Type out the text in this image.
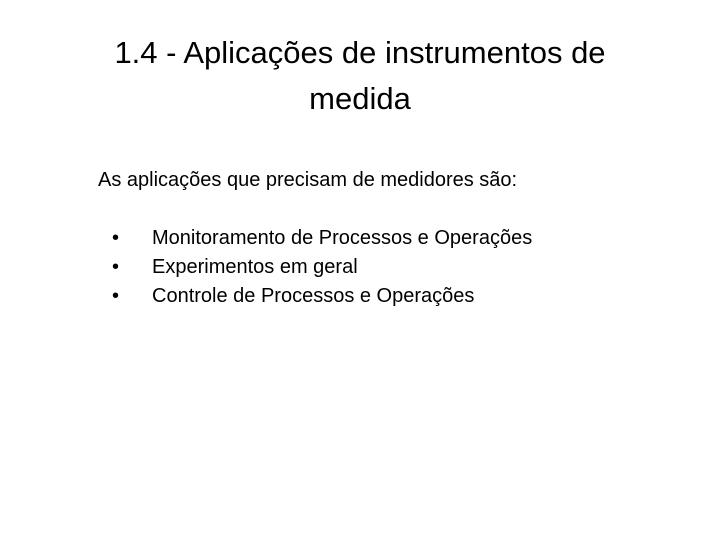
1.4 - Aplicações de instrumentos de
medida

As aplicações que precisam de medidores são:

•	Monitoramento de Processos e Operações
•	Experimentos em geral
•	Controle de Processos e Operações
